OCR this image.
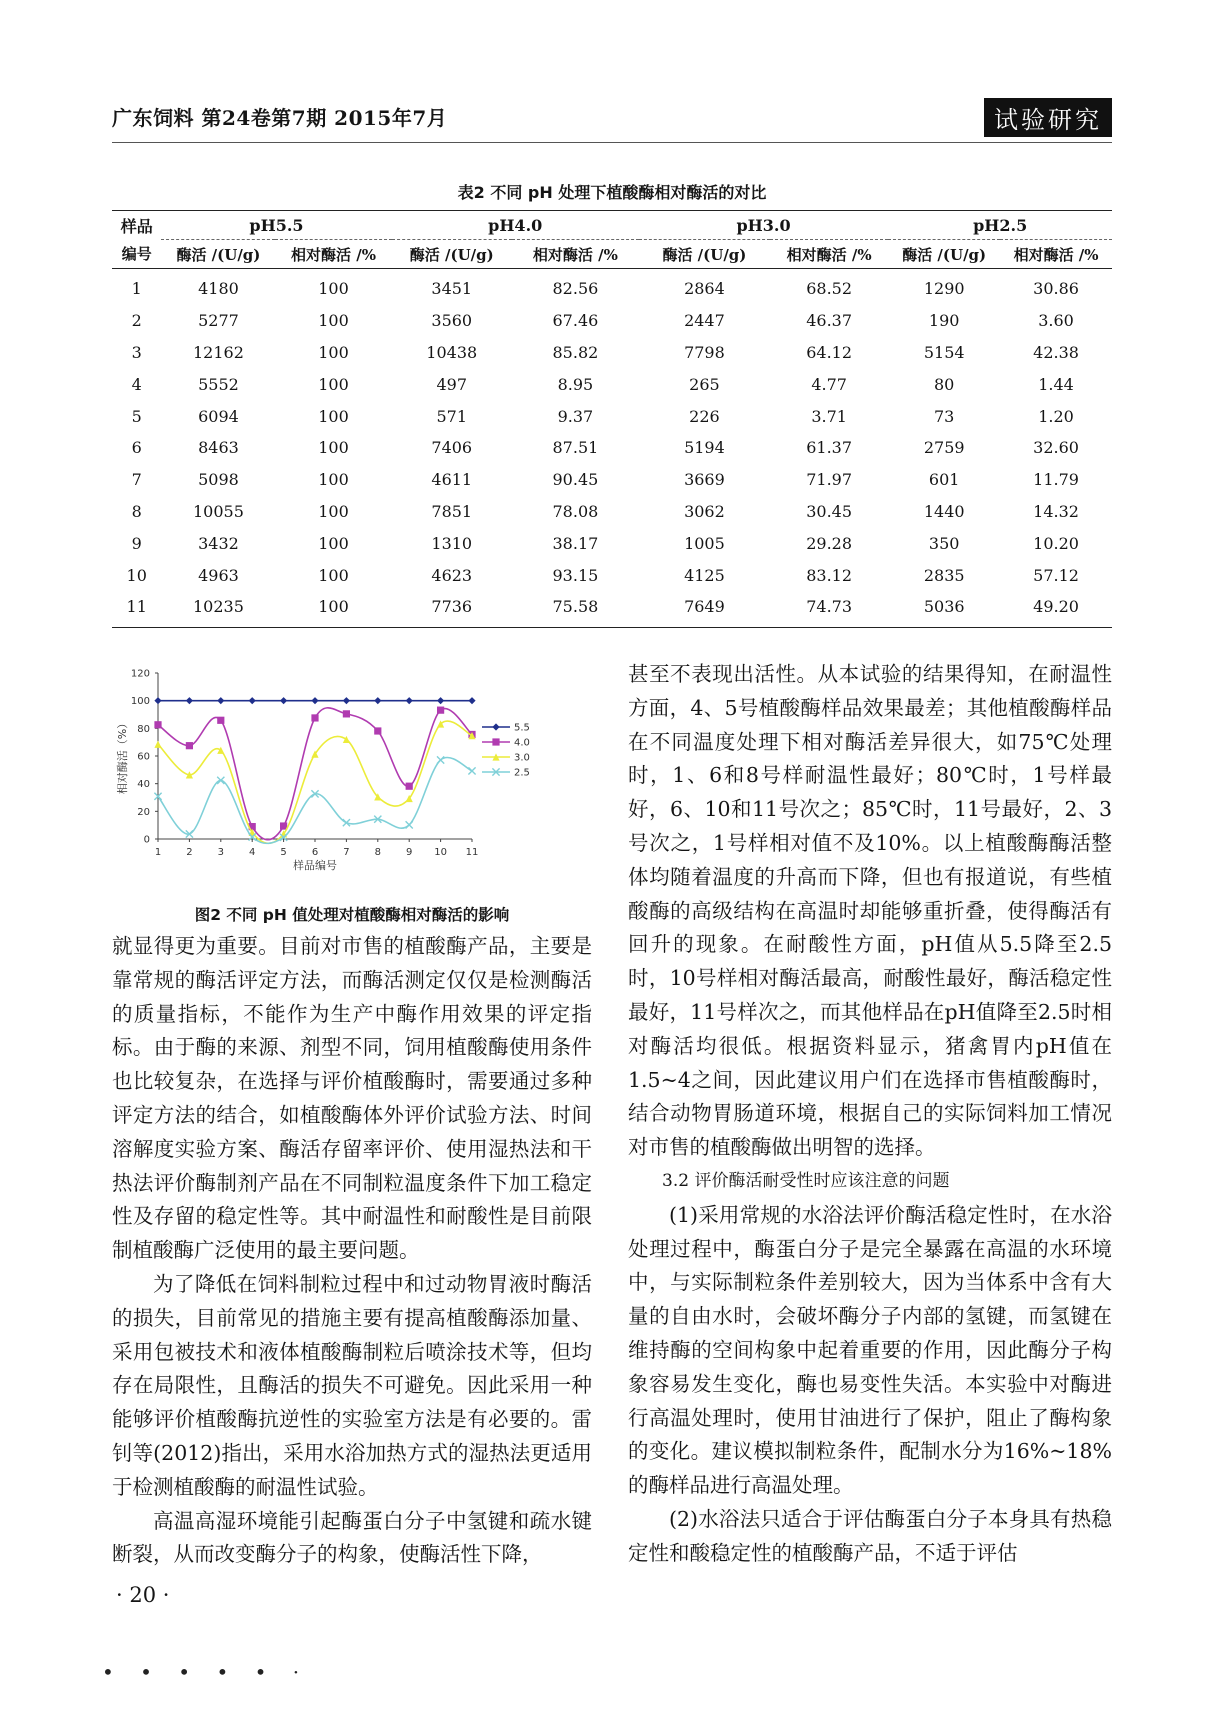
广东饲料 第24卷第7期 2015年7月	试验研究
表2 不同 pH 处理下植酸酶相对酶活的对比
样品	pH5.5		pH4.0		pH3.0		pH2.5	
编号	酶活 /(U/g)	相对酶活 /%	酶活 /(U/g)	相对酶活 /%	酶活 /(U/g)	相对酶活 /%	酶活 /(U/g)	相对酶活 /%
1	4180	100	3451	82.56	2864	68.52	1290	30.86
2	5277	100	3560	67.46	2447	46.37	190	3.60
3	12162	100	10438	85.82	7798	64.12	5154	42.38
4	5552	100	497	8.95	265	4.77	80	1.44
5	6094	100	571	9.37	226	3.71	73	1.20
6	8463	100	7406	87.51	5194	61.37	2759	32.60
7	5098	100	4611	90.45	3669	71.97	601	11.79
8	10055	100	7851	78.08	3062	30.45	1440	14.32
9	3432	100	1310	38.17	1005	29.28	350	10.20
10	4963	100	4623	93.15	4125	83.12	2835	57.12
11	10235	100	7736	75.58	7649	74.73	5036	49.20
0
20
40
60
80
100
120
1	2	3	4	5	6	7	8	9 10 11
样品编号
相对酶活（%）	5.5
4.0
3.0
2.5
图2 不同 pH 值处理对植酸酶相对酶活的影响

就显得更为重要。目前对市售的植酸酶产品，主要是靠常规的酶活评定方法，而酶活测定仅仅是检测酶活的质量指标，不能作为生产中酶作用效果的评定指标。由于酶的来源、剂型不同，饲用植酸酶使用条件也比较复杂，在选择与评价植酸酶时，需要通过多种评定方法的结合，如植酸酶体外评价试验方法、时间溶解度实验方案、酶活存留率评价、使用湿热法和干热法评价酶制剂产品在不同制粒温度条件下加工稳定性及存留的稳定性等。其中耐温性和耐酸性是目前限制植酸酶广泛使用的最主要问题。

为了降低在饲料制粒过程中和过动物胃液时酶活的损失，目前常见的措施主要有提高植酸酶添加量、采用包被技术和液体植酸酶制粒后喷涂技术等，但均存在局限性，且酶活的损失不可避免。因此采用一种能够评价植酸酶抗逆性的实验室方法是有必要的。雷钊等(2012)指出，采用水浴加热方式的湿热法更适用于检测植酸酶的耐温性试验。

高温高湿环境能引起酶蛋白分子中氢键和疏水键断裂，从而改变酶分子的构象，使酶活性下降，

甚至不表现出活性。从本试验的结果得知，在耐温性方面，4、5号植酸酶样品效果最差；其他植酸酶样品在不同温度处理下相对酶活差异很大，如75℃处理时，1、6和8号样耐温性最好；80℃时，1号样最好，6、10和11号次之；85℃时，11号最好，2、3号次之，1号样相对值不及10%。以上植酸酶酶活整体均随着温度的升高而下降，但也有报道说，有些植酸酶的高级结构在高温时却能够重折叠，使得酶活有回升的现象。在耐酸性方面，pH值从5.5降至2.5时，10号样相对酶活最高，耐酸性最好，酶活稳定性最好，11号样次之，而其他样品在pH值降至2.5时相对酶活均很低。根据资料显示，猪禽胃内pH值在1.5~4之间，因此建议用户们在选择市售植酸酶时，结合动物胃肠道环境，根据自己的实际饲料加工情况对市售的植酸酶做出明智的选择。

3.2 评价酶活耐受性时应该注意的问题

(1)采用常规的水浴法评价酶活稳定性时，在水浴处理过程中，酶蛋白分子是完全暴露在高温的水环境中，与实际制粒条件差别较大，因为当体系中含有大量的自由水时，会破坏酶分子内部的氢键，而氢键在维持酶的空间构象中起着重要的作用，因此酶分子构象容易发生变化，酶也易变性失活。本实验中对酶进行高温处理时，使用甘油进行了保护，阻止了酶构象的变化。建议模拟制粒条件，配制水分为16%~18%的酶样品进行高温处理。

(2)水浴法只适合于评估酶蛋白分子本身具有热稳定性和酸稳定性的植酸酶产品，不适于评估

· 20 ·
• • • • • ·
